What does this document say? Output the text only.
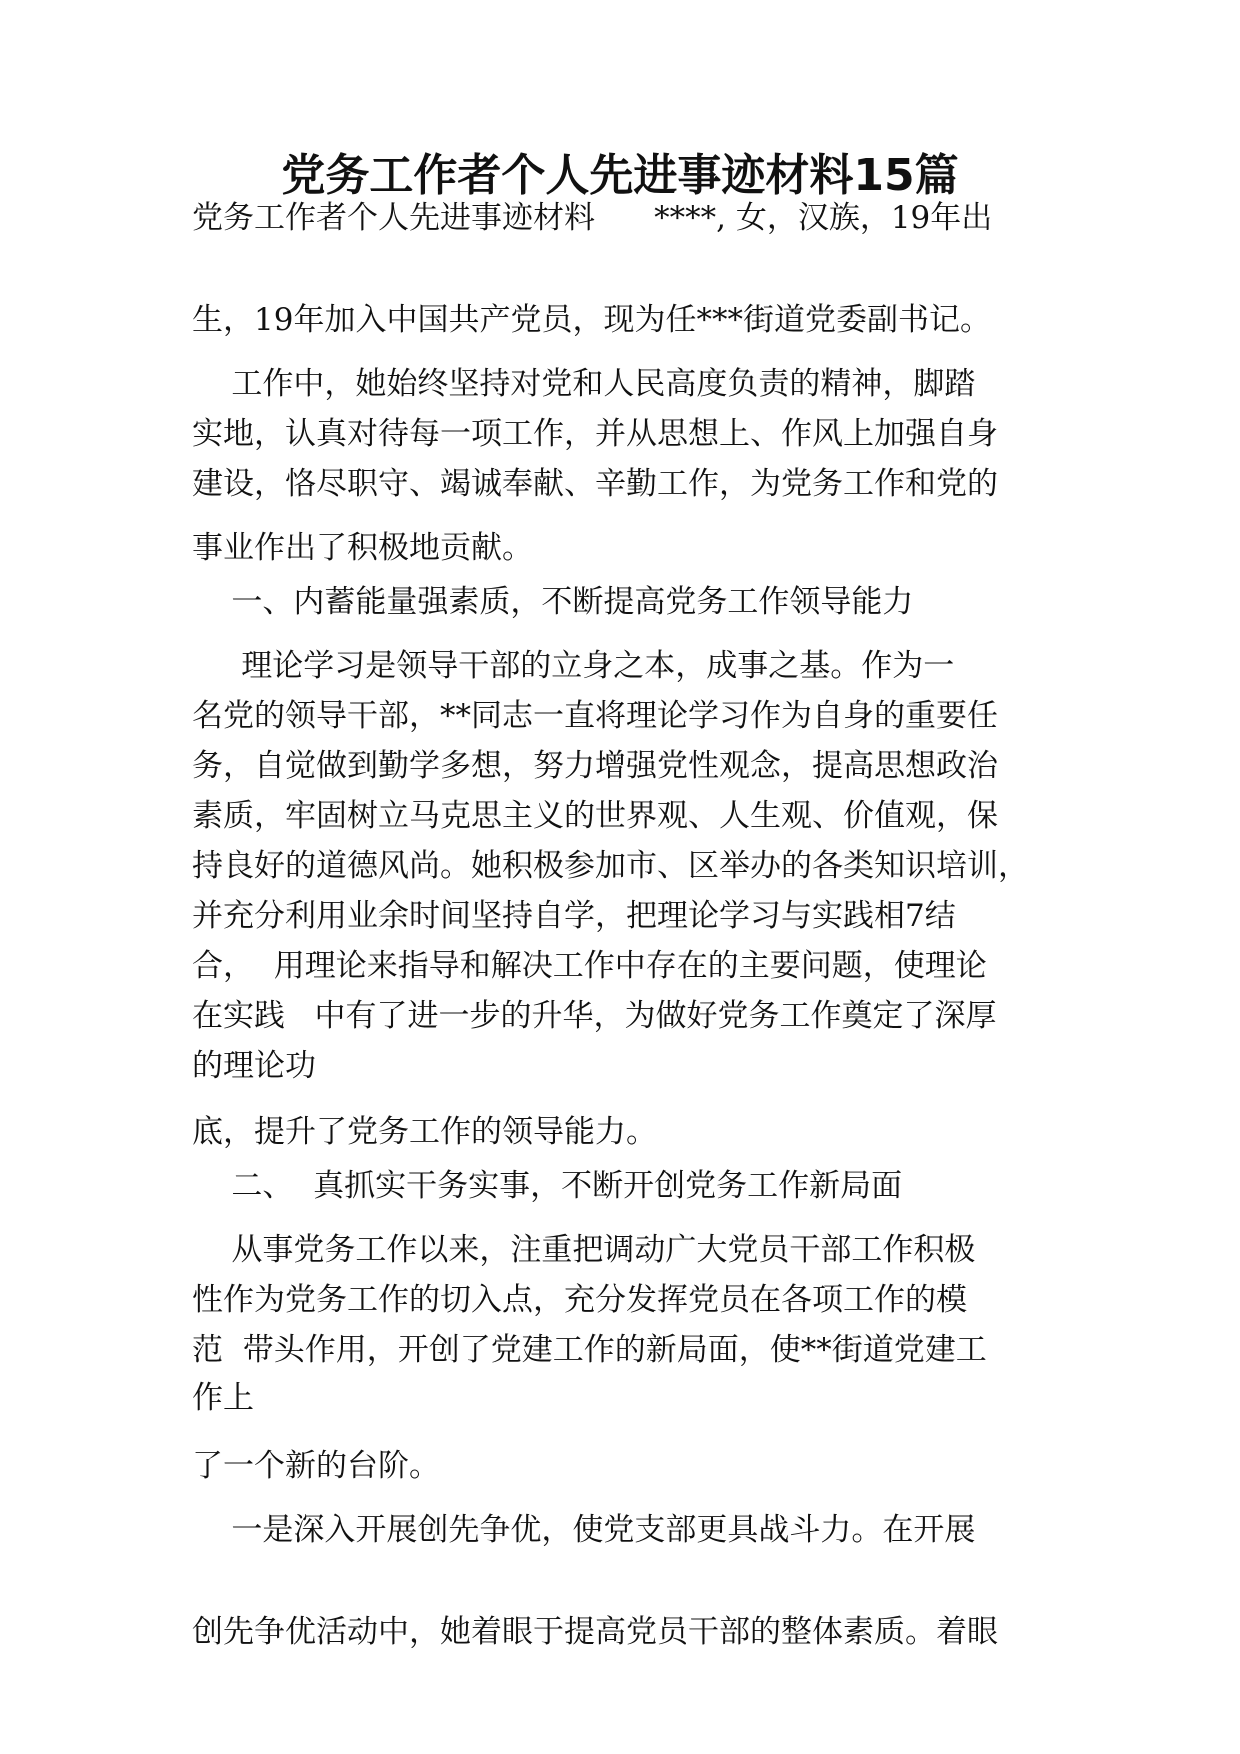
党务工作者个人先进事迹材料15篇
党务工作者个人先进事迹材料      ****, 女，汉族，19年出
生，19年加入中国共产党员，现为任***街道党委副书记。
工作中，她始终坚持对党和人民高度负责的精神，脚踏
实地，认真对待每一项工作，并从思想上、作风上加强自身
建设，恪尽职守、竭诚奉献、辛勤工作，为党务工作和党的
事业作出了积极地贡献。
一、内蓄能量强素质，不断提高党务工作领导能力
理论学习是领导干部的立身之本，成事之基。作为一
名党的领导干部，**同志一直将理论学习作为自身的重要任
务，自觉做到勤学多想，努力增强党性观念，提高思想政治
素质，牢固树立马克思主义的世界观、人生观、价值观，保
持良好的道德风尚。她积极参加市、区举办的各类知识培训，
并充分利用业余时间坚持自学，把理论学习与实践相7结
合，  用理论来指导和解决工作中存在的主要问题，使理论
在实践   中有了进一步的升华，为做好党务工作奠定了深厚
的理论功
底，提升了党务工作的领导能力。
二、  真抓实干务实事，不断开创党务工作新局面
从事党务工作以来，注重把调动广大党员干部工作积极
性作为党务工作的切入点，充分发挥党员在各项工作的模
范  带头作用，开创了党建工作的新局面，使**街道党建工
作上
了一个新的台阶。
一是深入开展创先争优，使党支部更具战斗力。在开展
创先争优活动中，她着眼于提高党员干部的整体素质。着眼
